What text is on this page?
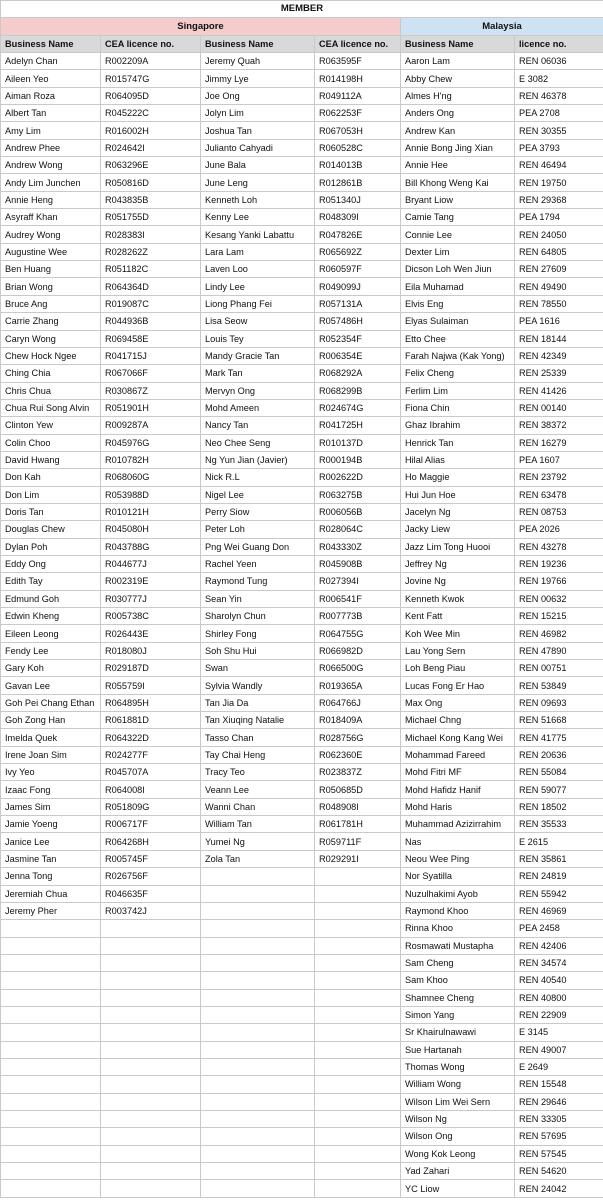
MEMBER					
Singapore				Malaysia	
Business Name	CEA licence no.	Business Name	CEA licence no.	Business Name	licence no.
Adelyn Chan	R002209A	Jeremy Quah	R063595F	Aaron Lam	REN 06036
Aileen Yeo	R015747G	Jimmy Lye	R014198H	Abby Chew	E 3082
Aiman Roza	R064095D	Joe Ong	R049112A	Almes H'ng	REN 46378
Albert Tan	R045222C	Jolyn Lim	R062253F	Anders Ong	PEA 2708
Amy Lim	R016002H	Joshua Tan	R067053H	Andrew Kan	REN 30355
Andrew Phee	R024642I	Julianto Cahyadi	R060528C	Annie Bong Jing Xian	PEA 3793
Andrew Wong	R063296E	June Bala	R014013B	Annie Hee	REN 46494
Andy Lim Junchen	R050816D	June Leng	R012861B	Bill Khong Weng Kai	REN 19750
Annie Heng	R043835B	Kenneth Loh	R051340J	Bryant Liow	REN 29368
Asyraff Khan	R051755D	Kenny Lee	R048309I	Camie Tang	PEA 1794
Audrey Wong	R028383I	Kesang Yanki Labattu	R047826E	Connie Lee	REN 24050
Augustine Wee	R028262Z	Lara Lam	R065692Z	Dexter Lim	REN 64805
Ben Huang	R051182C	Laven Loo	R060597F	Dicson Loh Wen Jiun	REN 27609
Brian Wong	R064364D	Lindy Lee	R049099J	Eila Muhamad	REN 49490
Bruce Ang	R019087C	Liong Phang Fei	R057131A	Elvis Eng	REN 78550
Carrie Zhang	R044936B	Lisa Seow	R057486H	Elyas Sulaiman	PEA 1616
Caryn Wong	R069458E	Louis Tey	R052354F	Etto Chee	REN 18144
Chew Hock Ngee	R041715J	Mandy Gracie Tan	R006354E	Farah Najwa (Kak Yong)	REN 42349
Ching Chia	R067066F	Mark Tan	R068292A	Felix Cheng	REN 25339
Chris Chua	R030867Z	Mervyn Ong	R068299B	Ferlim Lim	REN 41426
Chua Rui Song Alvin	R051901H	Mohd Ameen	R024674G	Fiona Chin	REN 00140
Clinton Yew	R009287A	Nancy Tan	R041725H	Ghaz Ibrahim	REN 38372
Colin Choo	R045976G	Neo Chee Seng	R010137D	Henrick Tan	REN 16279
David Hwang	R010782H	Ng Yun Jian (Javier)	R000194B	Hilal Alias	PEA 1607
Don Kah	R068060G	Nick R.L	R002622D	Ho Maggie	REN 23792
Don Lim	R053988D	Nigel Lee	R063275B	Hui Jun Hoe	REN 63478
Doris Tan	R010121H	Perry Siow	R006056B	Jacelyn Ng	REN 08753
Douglas Chew	R045080H	Peter Loh	R028064C	Jacky Liew	PEA 2026
Dylan Poh	R043788G	Png Wei Guang Don	R043330Z	Jazz Lim Tong Huooi	REN 43278
Eddy Ong	R044677J	Rachel Yeen	R045908B	Jeffrey Ng	REN 19236
Edith Tay	R002319E	Raymond Tung	R027394I	Jovine Ng	REN 19766
Edmund Goh	R030777J	Sean Yin	R006541F	Kenneth Kwok	REN 00632
Edwin Kheng	R005738C	Sharolyn Chun	R007773B	Kent Fatt	REN 15215
Eileen Leong	R026443E	Shirley Fong	R064755G	Koh Wee Min	REN 46982
Fendy Lee	R018080J	Soh Shu Hui	R066982D	Lau Yong Sern	REN 47890
Gary Koh	R029187D	Swan	R066500G	Loh Beng Piau	REN 00751
Gavan Lee	R055759I	Sylvia Wandly	R019365A	Lucas Fong Er Hao	REN 53849
Goh Pei Chang Ethan	R064895H	Tan Jia Da	R064766J	Max Ong	REN 09693
Goh Zong Han	R061881D	Tan Xiuqing Natalie	R018409A	Michael Chng	REN 51668
Imelda Quek	R064322D	Tasso Chan	R028756G	Michael Kong Kang Wei	REN 41775
Irene Joan Sim	R024277F	Tay Chai Heng	R062360E	Mohammad Fareed	REN 20636
Ivy Yeo	R045707A	Tracy Teo	R023837Z	Mohd Fitri MF	REN 55084
Izaac Fong	R064008I	Veann Lee	R050685D	Mohd Hafidz Hanif	REN 59077
James Sim	R051809G	Wanni Chan	R048908I	Mohd Haris	REN 18502
Jamie Yoeng	R006717F	William Tan	R061781H	Muhammad Azizirrahim	REN 35533
Janice Lee	R064268H	Yumei Ng	R059711F	Nas	E 2615
Jasmine Tan	R005745F	Zola Tan	R029291I	Neou Wee Ping	REN 35861
Jenna Tong	R026756F			Nor Syatilla	REN 24819
Jeremiah Chua	R046635F			Nuzulhakimi Ayob	REN 55942
Jeremy Pher	R003742J			Raymond Khoo	REN 46969
				Rinna Khoo	PEA 2458
				Rosmawati Mustapha	REN 42406
				Sam Cheng	REN 34574
				Sam Khoo	REN 40540
				Shamnee Cheng	REN 40800
				Simon Yang	REN 22909
				Sr Khairulnawawi	E 3145
				Sue Hartanah	REN 49007
				Thomas Wong	E 2649
				William Wong	REN 15548
				Wilson Lim Wei Sern	REN 29646
				Wilson Ng	REN 33305
				Wilson Ong	REN 57695
				Wong Kok Leong	REN 57545
				Yad Zahari	REN 54620
				YC Liow	REN 24042
